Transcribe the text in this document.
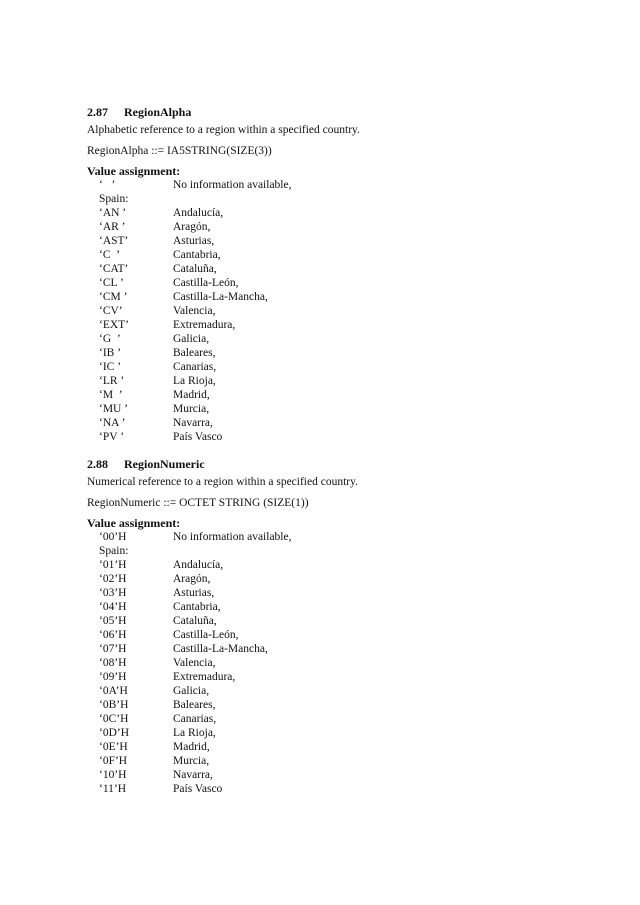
2.87 RegionAlpha

Alphabetic reference to a region within a specified country.

RegionAlpha ::= IA5STRING(SIZE(3))

Value assignment:

‘   ’	No information available,
Spain:
‘AN ’	Andalucía,
‘AR ’	Aragón,
‘AST’	Asturias,
‘C  ’	Cantabria,
‘CAT’	Cataluña,
‘CL ’	Castilla-León,
‘CM ’	Castilla-La-Mancha,
‘CV’	Valencia,
‘EXT’	Extremadura,
‘G  ’	Galicia,
‘IB ’	Baleares,
‘IC ’	Canarias,
‘LR ’	La Rioja,
‘M  ’	Madrid,
‘MU ’	Murcia,
‘NA ’	Navarra,
‘PV ’	País Vasco

2.88 RegionNumeric

Numerical reference to a region within a specified country.

RegionNumeric ::= OCTET STRING (SIZE(1))

Value assignment:

‘00’H	No information available,
Spain:
‘01’H	Andalucía,
‘02’H	Aragón,
‘03’H	Asturias,
‘04’H	Cantabria,
‘05’H	Cataluña,
‘06’H	Castilla-León,
‘07’H	Castilla-La-Mancha,
‘08’H	Valencia,
‘09’H	Extremadura,
‘0A’H	Galicia,
‘0B’H	Baleares,
‘0C’H	Canarias,
‘0D’H	La Rioja,
‘0E’H	Madrid,
‘0F’H	Murcia,
‘10’H	Navarra,
‘11’H	País Vasco
